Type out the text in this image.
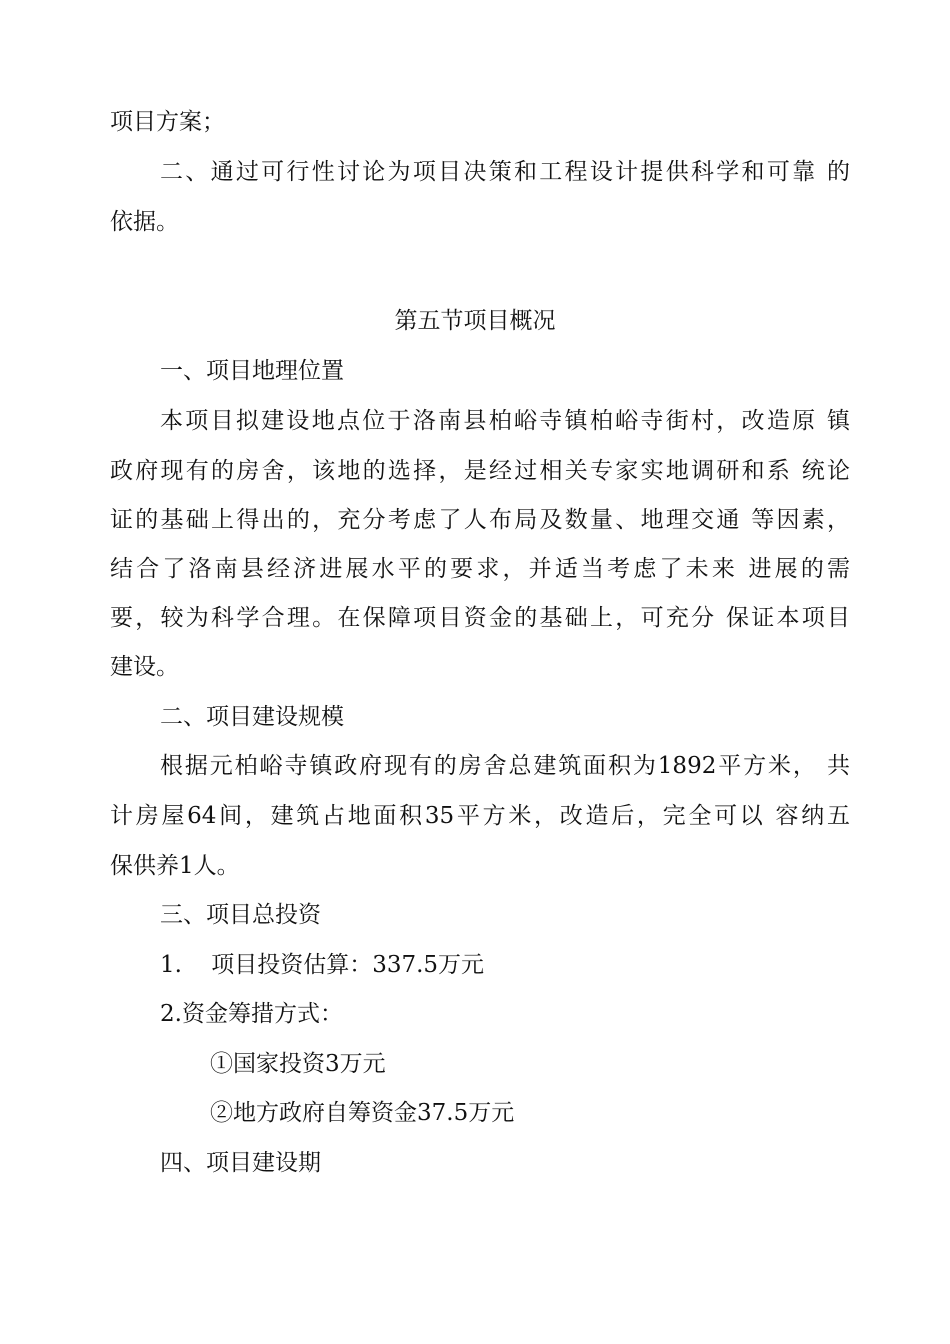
项目方案；
二、通过可行性讨论为项目决策和工程设计提供科学和可靠 的
依据。
第五节项目概况
一、项目地理位置
本项目拟建设地点位于洛南县柏峪寺镇柏峪寺街村，改造原 镇
政府现有的房舍，该地的选择，是经过相关专家实地调研和系 统论
证的基础上得出的，充分考虑了人布局及数量、地理交通 等因素，
结合了洛南县经济进展水平的要求，并适当考虑了未来 进展的需
要，较为科学合理。在保障项目资金的基础上，可充分 保证本项目
建设。
二、项目建设规模
根据元柏峪寺镇政府现有的房舍总建筑面积为1892平方米， 共
计房屋64间，建筑占地面积35平方米，改造后，完全可以 容纳五
保供养1人。
三、项目总投资
1.    项目投资估算：337.5万元
2.资金筹措方式：
①国家投资3万元
②地方政府自筹资金37.5万元
四、项目建设期
